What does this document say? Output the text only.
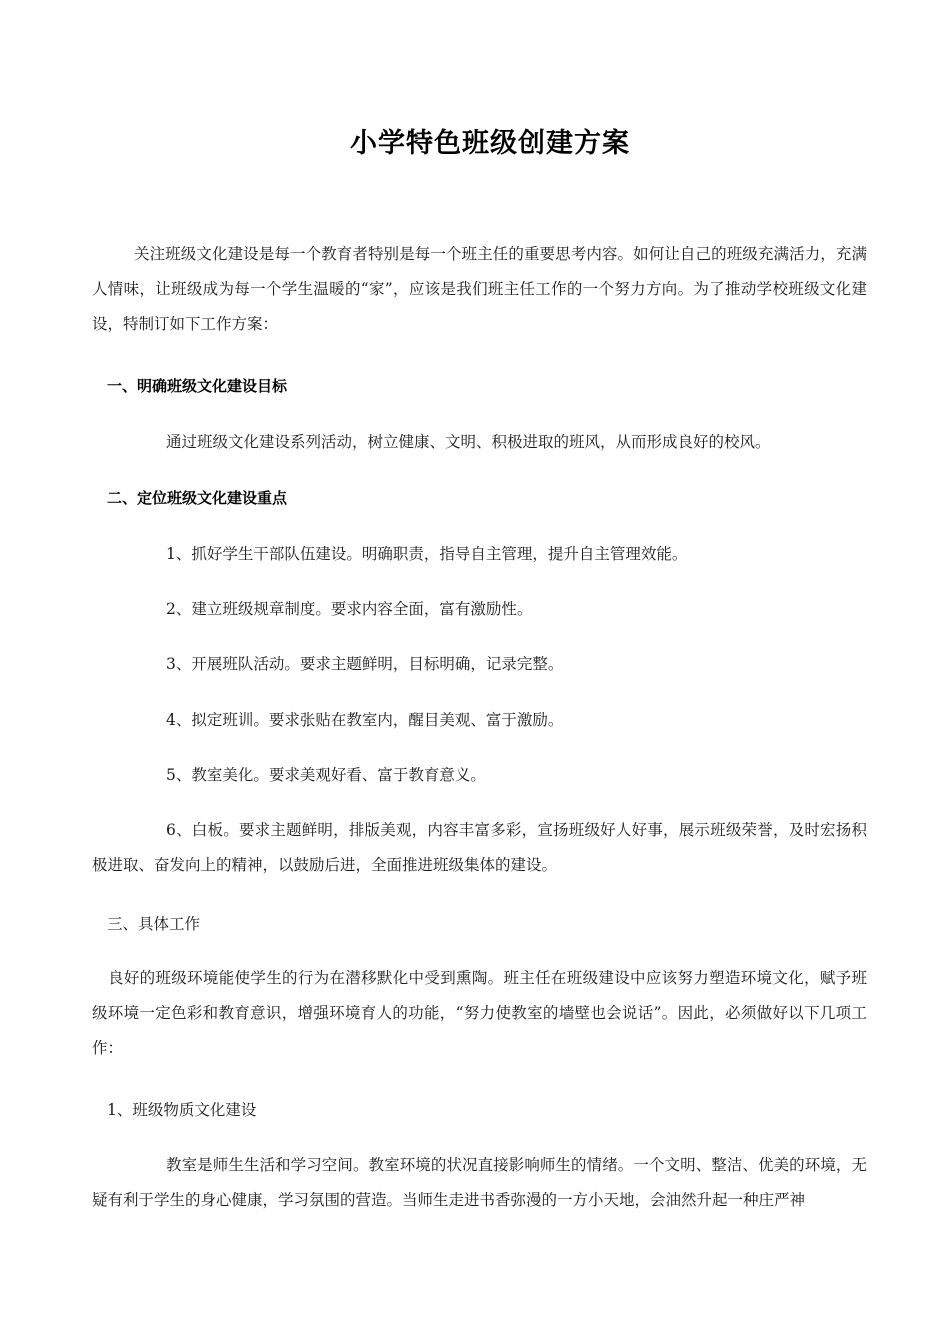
小学特色班级创建方案

关注班级文化建设是每一个教育者特别是每一个班主任的重要思考内容。如何让自己的班级充满活力，充满人情味，让班级成为每一个学生温暖的“家”，应该是我们班主任工作的一个努力方向。为了推动学校班级文化建设，特制订如下工作方案：

一、明确班级文化建设目标
通过班级文化建设系列活动，树立健康、文明、积极进取的班风，从而形成良好的校风。
二、定位班级文化建设重点
1、抓好学生干部队伍建设。明确职责，指导自主管理，提升自主管理效能。
2、建立班级规章制度。要求内容全面，富有激励性。
3、开展班队活动。要求主题鲜明，目标明确，记录完整。
4、拟定班训。要求张贴在教室内，醒目美观、富于激励。
5、教室美化。要求美观好看、富于教育意义。

6、白板。要求主题鲜明，排版美观，内容丰富多彩，宣扬班级好人好事，展示班级荣誉，及时宏扬积极进取、奋发向上的精神，以鼓励后进，全面推进班级集体的建设。

三、具体工作

良好的班级环境能使学生的行为在潜移默化中受到熏陶。班主任在班级建设中应该努力塑造环境文化，赋予班级环境一定色彩和教育意识，增强环境育人的功能，“努力使教室的墙壁也会说话”。因此，必须做好以下几项工作：

1、班级物质文化建设

教室是师生生活和学习空间。教室环境的状况直接影响师生的情绪。一个文明、整洁、优美的环境，无疑有利于学生的身心健康，学习氛围的营造。当师生走进书香弥漫的一方小天地，会油然升起一种庄严神
